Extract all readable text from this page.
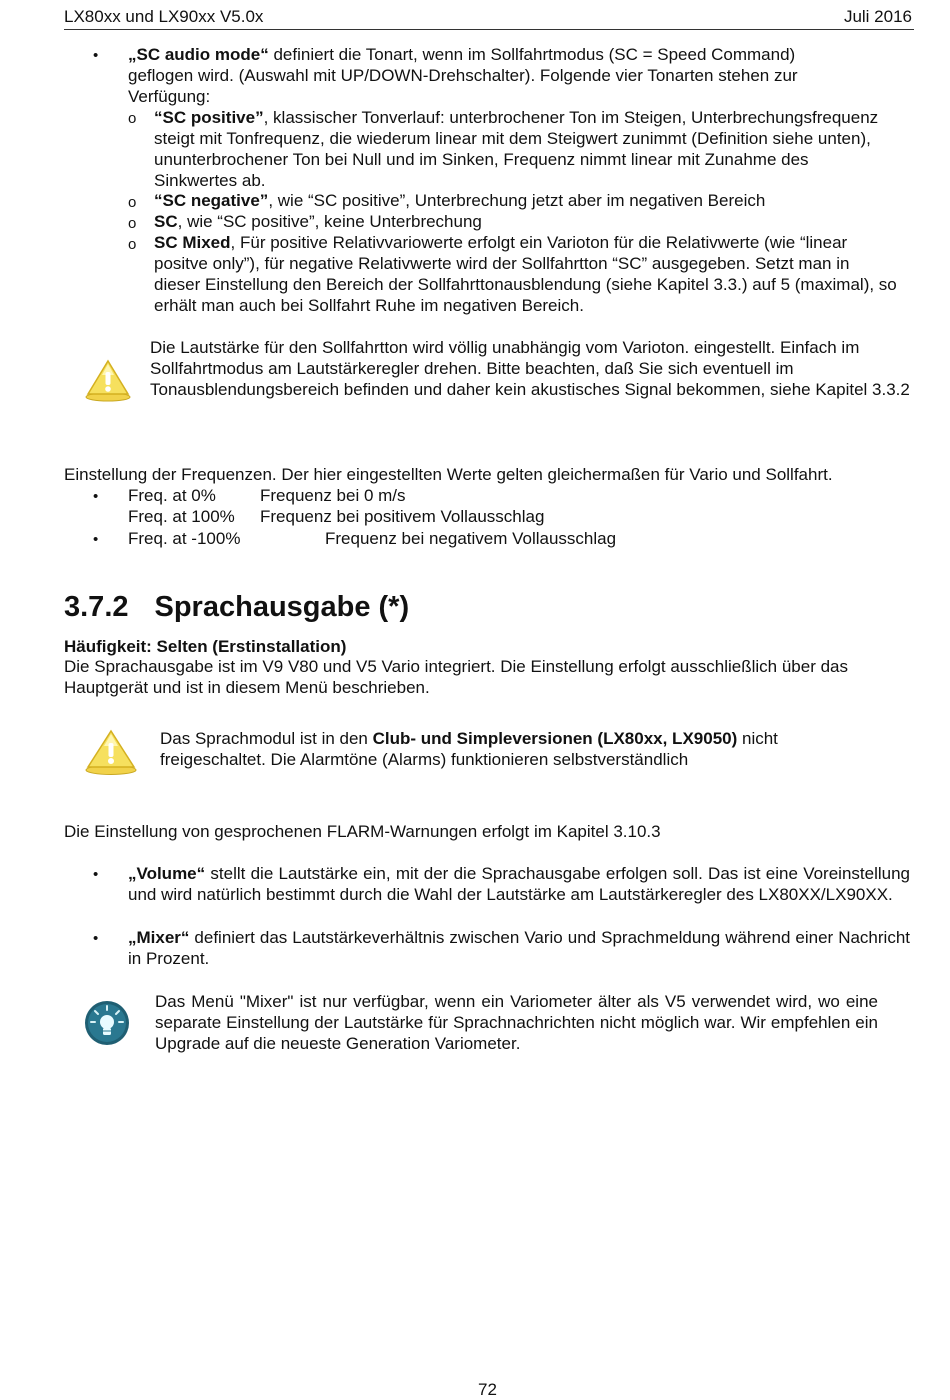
LX80xx und LX90xx V5.0x	Juli 2016
• „SC audio mode“ definiert die Tonart, wenn im Sollfahrtmodus (SC = Speed Command) geflogen wird. (Auswahl mit UP/DOWN-Drehschalter). Folgende vier Tonarten stehen zur Verfügung:
o “SC positive”, klassischer Tonverlauf: unterbrochener Ton im Steigen, Unterbrechungsfrequenz steigt mit Tonfrequenz, die wiederum linear mit dem Steigwert zunimmt (Definition siehe unten), ununterbrochener Ton bei Null und im Sinken, Frequenz nimmt linear mit Zunahme des Sinkwertes ab.
o “SC negative”, wie “SC positive”, Unterbrechung jetzt aber im negativen Bereich
o SC, wie “SC positive”, keine Unterbrechung
o SC Mixed, Für positive Relativvariowerte erfolgt ein Varioton für die Relativwerte (wie “linear positve only”), für negative Relativwerte wird der Sollfahrtton “SC” ausgegeben. Setzt man in dieser Einstellung den Bereich der Sollfahrttonausblendung (siehe Kapitel 3.3.) auf 5 (maximal), so erhält man auch bei Sollfahrt Ruhe im negativen Bereich.
Die Lautstärke für den Sollfahrtton wird völlig unabhängig vom Varioton. eingestellt. Einfach im Sollfahrtmodus am Lautstärkeregler drehen. Bitte beachten, daß Sie sich eventuell im Tonausblendungsbereich befinden und daher kein akustisches Signal bekommen, siehe Kapitel 3.3.2
Einstellung der Frequenzen. Der hier eingestellten Werte gelten gleichermaßen für Vario und Sollfahrt.
• Freq. at 0%	Frequenz bei 0 m/s
Freq. at 100% Frequenz bei positivem Vollausschlag
• Freq. at -100%	Frequenz bei negativem Vollausschlag
3.7.2 Sprachausgabe (*)
Häufigkeit: Selten (Erstinstallation)
Die Sprachausgabe ist im V9 V80 und V5 Vario integriert. Die Einstellung erfolgt ausschließlich über das Hauptgerät und ist in diesem Menü beschrieben.
Das Sprachmodul ist in den Club- und Simpleversionen (LX80xx, LX9050) nicht freigeschaltet. Die Alarmtöne (Alarms) funktionieren selbstverständlich
Die Einstellung von gesprochenen FLARM-Warnungen erfolgt im Kapitel 3.10.3
• „Volume“ stellt die Lautstärke ein, mit der die Sprachausgabe erfolgen soll. Das ist eine Voreinstellung und wird natürlich bestimmt durch die Wahl der Lautstärke am Lautstärkeregler des LX80XX/LX90XX.
• „Mixer“ definiert das Lautstärkeverhältnis zwischen Vario und Sprachmeldung während einer Nachricht in Prozent.
Das Menü "Mixer" ist nur verfügbar, wenn ein Variometer älter als V5 verwendet wird, wo eine separate Einstellung der Lautstärke für Sprachnachrichten nicht möglich war. Wir empfehlen ein Upgrade auf die neueste Generation Variometer.
72
